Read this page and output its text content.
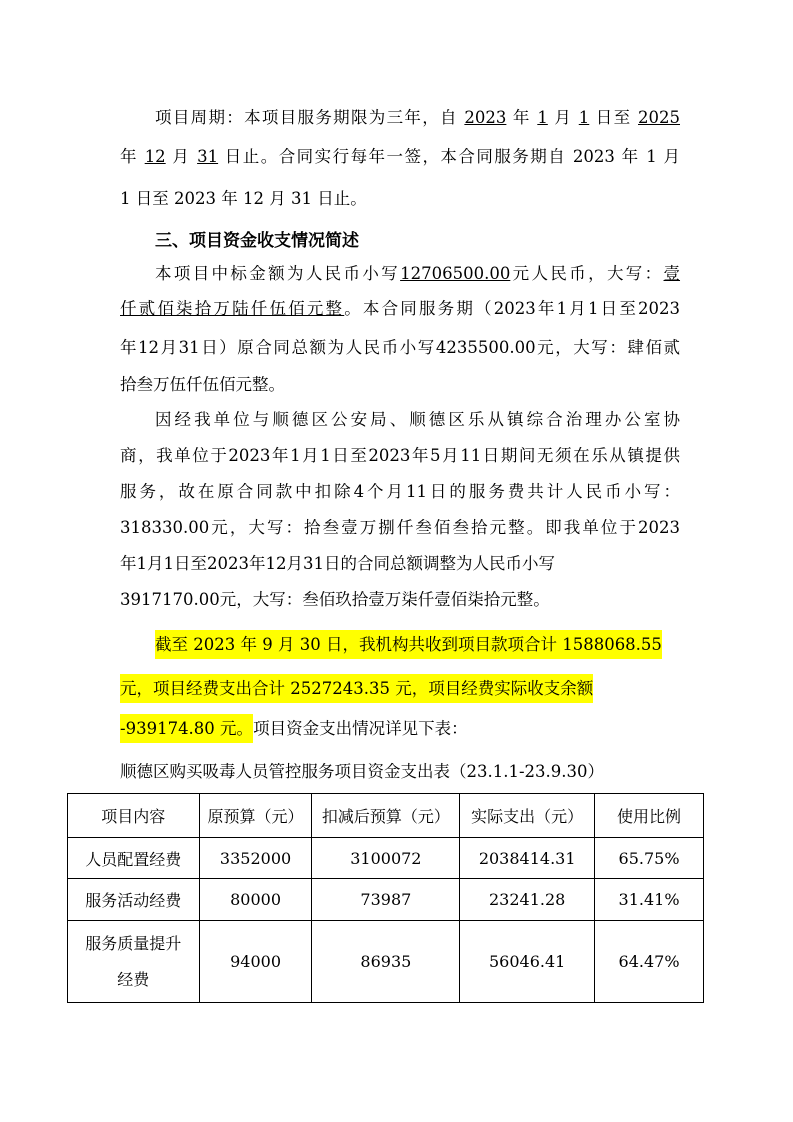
项目周期：本项目服务期限为三年，自 2023 年 1 月 1 日至 2025
年 12 月 31 日止。合同实行每年一签，本合同服务期自 2023 年 1 月
1 日至 2023 年 12 月 31 日止。
三、项目资金收支情况简述
本项目中标金额为人民币小写12706500.00元人民币，大写：壹
仟贰佰柒拾万陆仟伍佰元整。本合同服务期（2023年1月1日至2023
年12月31日）原合同总额为人民币小写4235500.00元，大写：肆佰贰
拾叁万伍仟伍佰元整。
因经我单位与顺德区公安局、顺德区乐从镇综合治理办公室协
商，我单位于2023年1月1日至2023年5月11日期间无须在乐从镇提供
服务，故在原合同款中扣除4个月11日的服务费共计人民币小写：
318330.00元，大写：拾叁壹万捌仟叁佰叁拾元整。即我单位于2023
年1月1日至2023年12月31日的合同总额调整为人民币小写
3917170.00元，大写：叁佰玖拾壹万柒仟壹佰柒拾元整。
截至 2023 年 9 月 30 日，我机构共收到项目款项合计 1588068.55
元，项目经费支出合计 2527243.35 元，项目经费实际收支余额
-939174.80 元。项目资金支出情况详见下表：
顺德区购买吸毒人员管控服务项目资金支出表（23.1.1-23.9.30）
项目内容	原预算（元）	扣减后预算（元）	实际支出（元）	使用比例
人员配置经费	3352000	3100072	2038414.31	65.75%
服务活动经费	80000	73987	23241.28	31.41%
服务质量提升
经费	94000	86935	56046.41	64.47%
